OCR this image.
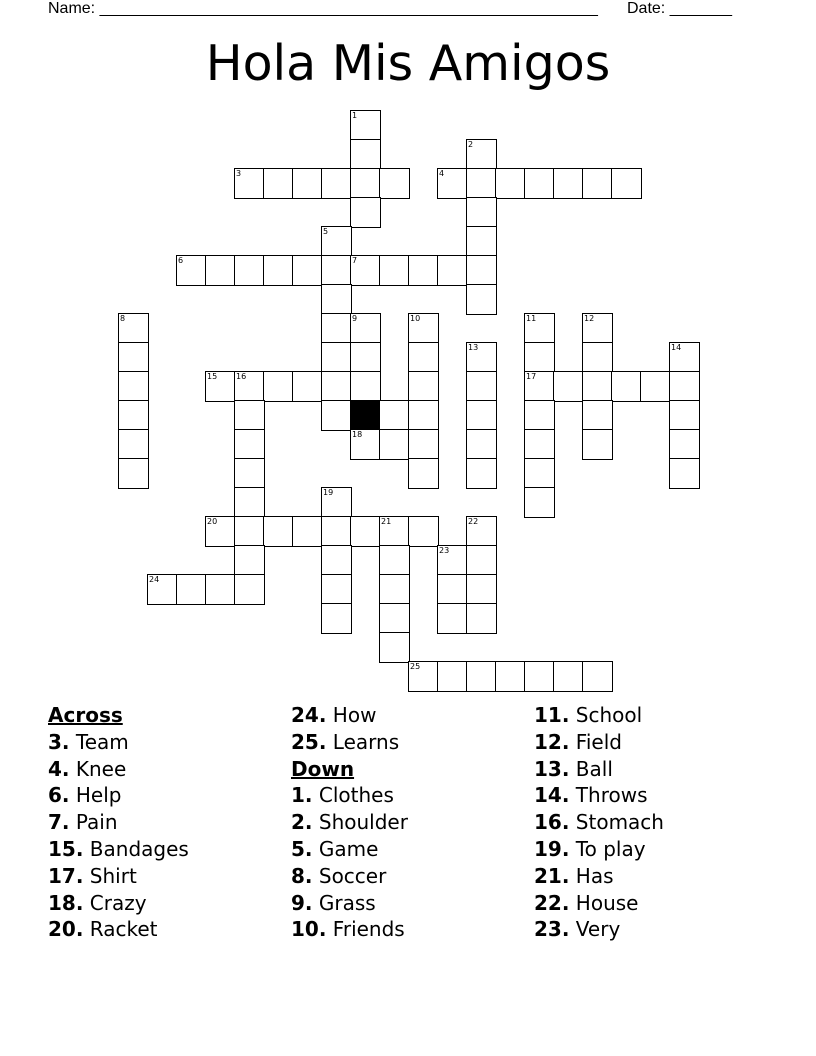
Name: ________________________________________________________ Date: _______
Hola Mis Amigos
1
2
3	4
5
6	7
8	9	10	11	12
13	14
15 16	17
18
19
20	21	22
23
24
25
Across
3. Team
4. Knee
6. Help
7. Pain
15. Bandages
17. Shirt
18. Crazy
20. Racket
24. How
25. Learns
Down
1. Clothes
2. Shoulder
5. Game
8. Soccer
9. Grass
10. Friends
11. School
12. Field
13. Ball
14. Throws
16. Stomach
19. To play
21. Has
22. House
23. Very
